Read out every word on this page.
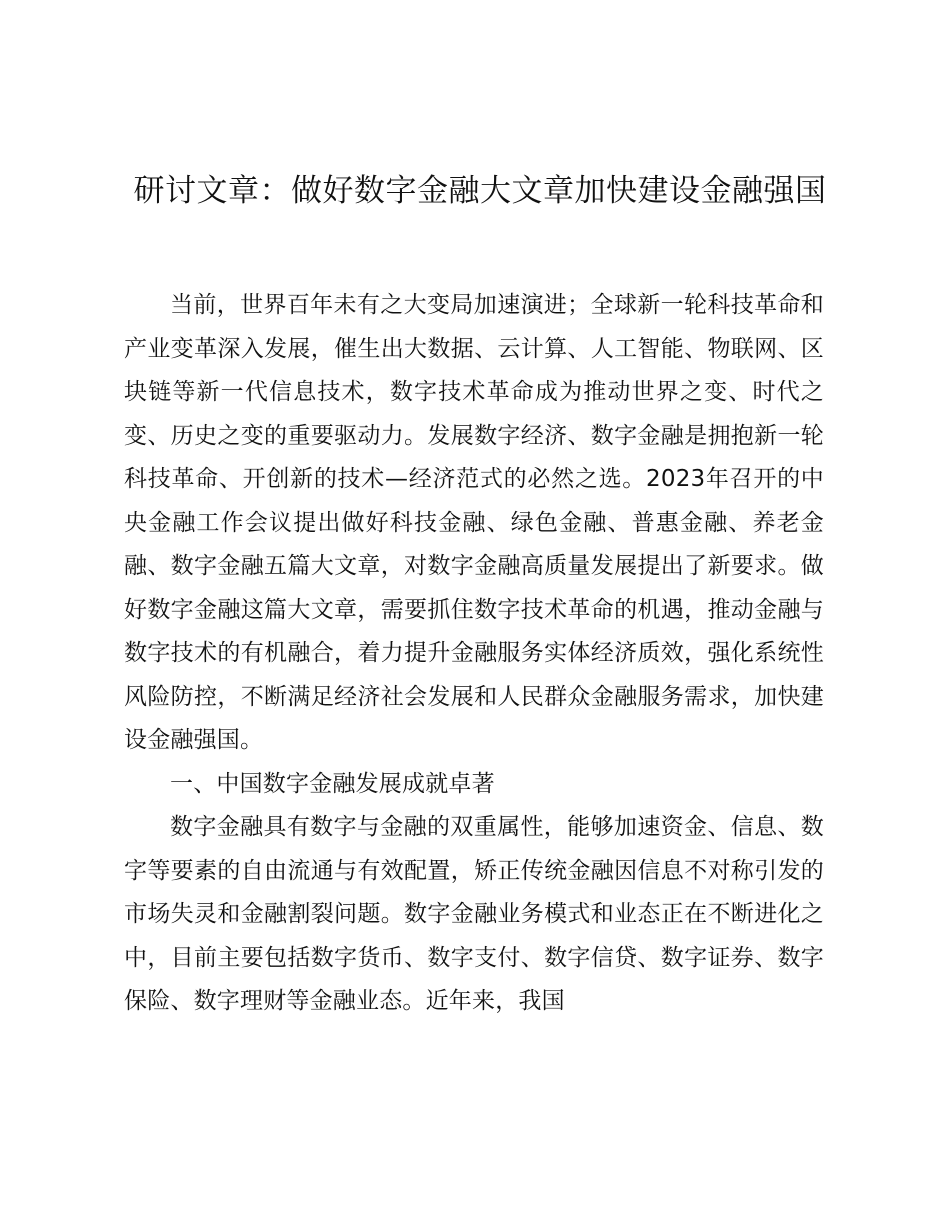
研讨文章：做好数字金融大文章加快建设金融强国

当前，世界百年未有之大变局加速演进；全球新一轮科技革命和产业变革深入发展，催生出大数据、云计算、人工智能、物联网、区块链等新一代信息技术，数字技术革命成为推动世界之变、时代之变、历史之变的重要驱动力。发展数字经济、数字金融是拥抱新一轮科技革命、开创新的技术—经济范式的必然之选。2023年召开的中央金融工作会议提出做好科技金融、绿色金融、普惠金融、养老金融、数字金融五篇大文章，对数字金融高质量发展提出了新要求。做好数字金融这篇大文章，需要抓住数字技术革命的机遇，推动金融与数字技术的有机融合，着力提升金融服务实体经济质效，强化系统性风险防控，不断满足经济社会发展和人民群众金融服务需求，加快建设金融强国。

一、中国数字金融发展成就卓著

数字金融具有数字与金融的双重属性，能够加速资金、信息、数字等要素的自由流通与有效配置，矫正传统金融因信息不对称引发的市场失灵和金融割裂问题。数字金融业务模式和业态正在不断进化之中，目前主要包括数字货币、数字支付、数字信贷、数字证券、数字保险、数字理财等金融业态。近年来，我国
